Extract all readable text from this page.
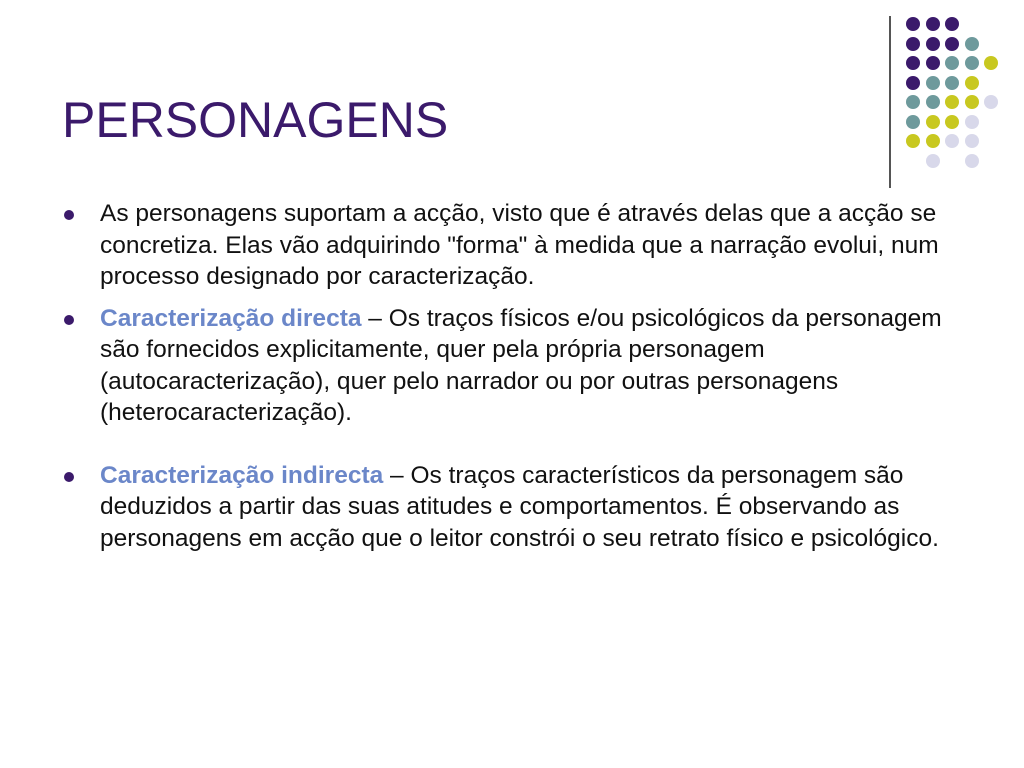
PERSONAGENS
As personagens suportam a acção, visto que é através delas que a acção se concretiza. Elas vão adquirindo "forma" à medida que a narração evolui, num processo designado por caracterização.
Caracterização directa – Os traços físicos e/ou psicológicos da personagem são fornecidos explicitamente, quer pela própria personagem (autocaracterização), quer pelo narrador ou por outras personagens (heterocaracterização).
Caracterização indirecta – Os traços característicos da personagem são deduzidos a partir das suas atitudes e comportamentos. É observando as personagens em acção que o leitor constrói o seu retrato físico e psicológico.
